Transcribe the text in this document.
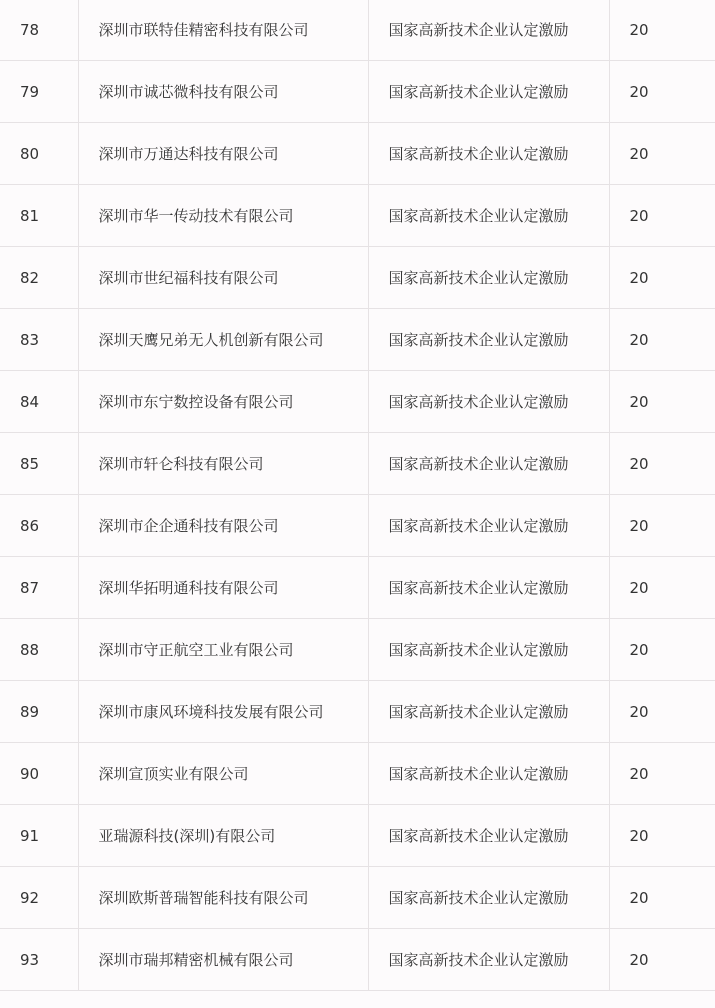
78	深圳市联特佳精密科技有限公司	国家高新技术企业认定激励	20
79	深圳市诚芯微科技有限公司	国家高新技术企业认定激励	20
80	深圳市万通达科技有限公司	国家高新技术企业认定激励	20
81	深圳市华一传动技术有限公司	国家高新技术企业认定激励	20
82	深圳市世纪福科技有限公司	国家高新技术企业认定激励	20
83	深圳天鹰兄弟无人机创新有限公司	国家高新技术企业认定激励	20
84	深圳市东宁数控设备有限公司	国家高新技术企业认定激励	20
85	深圳市轩仑科技有限公司	国家高新技术企业认定激励	20
86	深圳市企企通科技有限公司	国家高新技术企业认定激励	20
87	深圳华拓明通科技有限公司	国家高新技术企业认定激励	20
88	深圳市守正航空工业有限公司	国家高新技术企业认定激励	20
89	深圳市康风环境科技发展有限公司	国家高新技术企业认定激励	20
90	深圳宣顶实业有限公司	国家高新技术企业认定激励	20
91	亚瑞源科技(深圳)有限公司	国家高新技术企业认定激励	20
92	深圳欧斯普瑞智能科技有限公司	国家高新技术企业认定激励	20
93	深圳市瑞邦精密机械有限公司	国家高新技术企业认定激励	20
